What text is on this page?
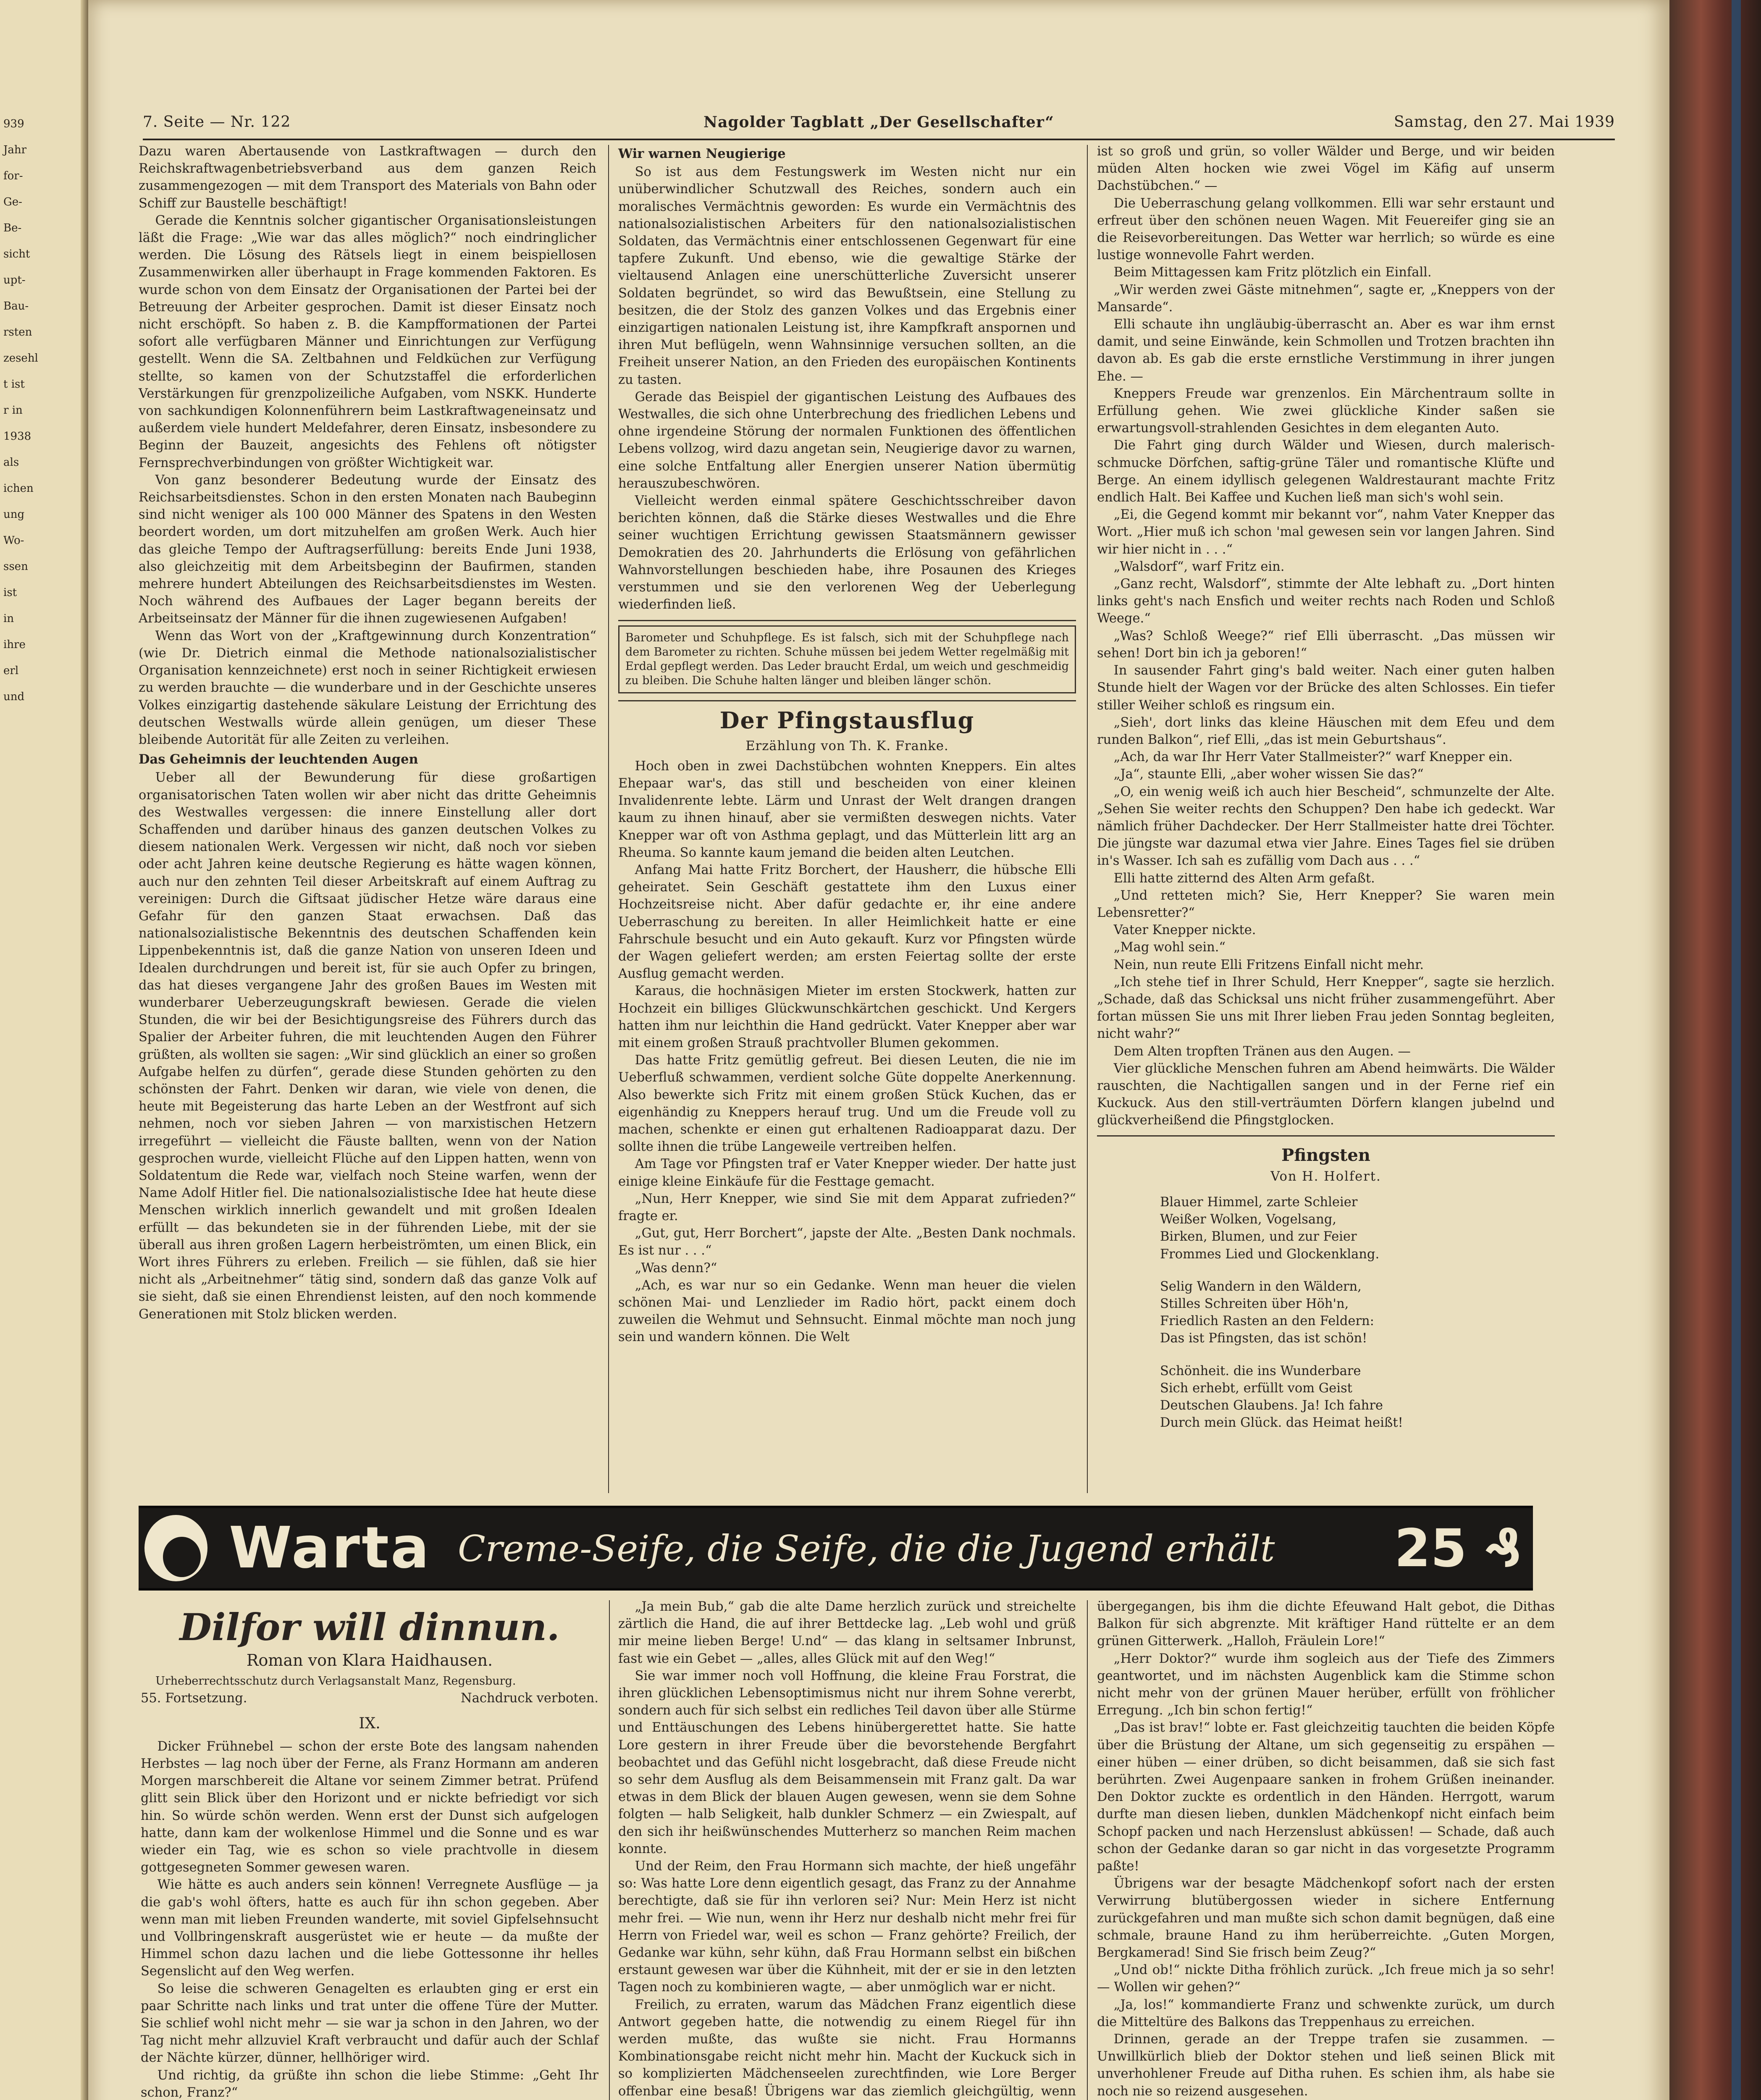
939
Jahr
for-
Ge-
Be-
sicht
upt-
Bau-
rsten
zesehl
t ist
r in
1938
als
ichen
ung
Wo-
ssen
ist
in
ihre
erl
und
7. Seite — Nr. 122	Nagolder Tagblatt „Der Gesellschafter“	Samstag, den 27. Mai 1939

Dazu waren Abertausende von Lastkraftwagen — durch den Reichskraftwagenbetriebsverband aus dem ganzen Reich zusammengezogen — mit dem Transport des Materials von Bahn oder Schiff zur Baustelle beschäftigt!

Gerade die Kenntnis solcher gigantischer Organisationsleistungen läßt die Frage: „Wie war das alles möglich?“ noch eindringlicher werden. Die Lösung des Rätsels liegt in einem beispiellosen Zusammenwirken aller überhaupt in Frage kommenden Faktoren. Es wurde schon von dem Einsatz der Organisationen der Partei bei der Betreuung der Arbeiter gesprochen. Damit ist dieser Einsatz noch nicht erschöpft. So haben z. B. die Kampfformationen der Partei sofort alle verfügbaren Männer und Einrichtungen zur Verfügung gestellt. Wenn die SA. Zeltbahnen und Feldküchen zur Verfügung stellte, so kamen von der Schutzstaffel die erforderlichen Verstärkungen für grenzpolizeiliche Aufgaben, vom NSKK. Hunderte von sachkundigen Kolonnenführern beim Lastkraftwageneinsatz und außerdem viele hundert Meldefahrer, deren Einsatz, insbesondere zu Beginn der Bauzeit, angesichts des Fehlens oft nötigster Fernsprechverbindungen von größter Wichtigkeit war.

Von ganz besonderer Bedeutung wurde der Einsatz des Reichsarbeitsdienstes. Schon in den ersten Monaten nach Baubeginn sind nicht weniger als 100 000 Männer des Spatens in den Westen beordert worden, um dort mitzuhelfen am großen Werk. Auch hier das gleiche Tempo der Auftragserfüllung: bereits Ende Juni 1938, also gleichzeitig mit dem Arbeitsbeginn der Baufirmen, standen mehrere hundert Abteilungen des Reichsarbeitsdienstes im Westen. Noch während des Aufbaues der Lager begann bereits der Arbeitseinsatz der Männer für die ihnen zugewiesenen Aufgaben!

Wenn das Wort von der „Kraftgewinnung durch Konzentration“ (wie Dr. Dietrich einmal die Methode nationalsozialistischer Organisation kennzeichnete) erst noch in seiner Richtigkeit erwiesen zu werden brauchte — die wunderbare und in der Geschichte unseres Volkes einzigartig dastehende säkulare Leistung der Errichtung des deutschen Westwalls würde allein genügen, um dieser These bleibende Autorität für alle Zeiten zu verleihen.

Das Geheimnis der leuchtenden Augen

Ueber all der Bewunderung für diese großartigen organisatorischen Taten wollen wir aber nicht das dritte Geheimnis des Westwalles vergessen: die innere Einstellung aller dort Schaffenden und darüber hinaus des ganzen deutschen Volkes zu diesem nationalen Werk. Vergessen wir nicht, daß noch vor sieben oder acht Jahren keine deutsche Regierung es hätte wagen können, auch nur den zehnten Teil dieser Arbeitskraft auf einem Auftrag zu vereinigen: Durch die Giftsaat jüdischer Hetze wäre daraus eine Gefahr für den ganzen Staat erwachsen. Daß das nationalsozialistische Bekenntnis des deutschen Schaffenden kein Lippenbekenntnis ist, daß die ganze Nation von unseren Ideen und Idealen durchdrungen und bereit ist, für sie auch Opfer zu bringen, das hat dieses vergangene Jahr des großen Baues im Westen mit wunderbarer Ueberzeugungskraft bewiesen. Gerade die vielen Stunden, die wir bei der Besichtigungsreise des Führers durch das Spalier der Arbeiter fuhren, die mit leuchtenden Augen den Führer grüßten, als wollten sie sagen: „Wir sind glücklich an einer so großen Aufgabe helfen zu dürfen“, gerade diese Stunden gehörten zu den schönsten der Fahrt. Denken wir daran, wie viele von denen, die heute mit Begeisterung das harte Leben an der Westfront auf sich nehmen, noch vor sieben Jahren — von marxistischen Hetzern irregeführt — vielleicht die Fäuste ballten, wenn von der Nation gesprochen wurde, vielleicht Flüche auf den Lippen hatten, wenn von Soldatentum die Rede war, vielfach noch Steine warfen, wenn der Name Adolf Hitler fiel. Die nationalsozialistische Idee hat heute diese Menschen wirklich innerlich gewandelt und mit großen Idealen erfüllt — das bekundeten sie in der führenden Liebe, mit der sie überall aus ihren großen Lagern herbeiströmten, um einen Blick, ein Wort ihres Führers zu erleben. Freilich — sie fühlen, daß sie hier nicht als „Arbeitnehmer“ tätig sind, sondern daß das ganze Volk auf sie sieht, daß sie einen Ehrendienst leisten, auf den noch kommende Generationen mit Stolz blicken werden.

Wir warnen Neugierige

So ist aus dem Festungswerk im Westen nicht nur ein unüberwindlicher Schutzwall des Reiches, sondern auch ein moralisches Vermächtnis geworden: Es wurde ein Vermächtnis des nationalsozialistischen Arbeiters für den nationalsozialistischen Soldaten, das Vermächtnis einer entschlossenen Gegenwart für eine tapfere Zukunft. Und ebenso, wie die gewaltige Stärke der vieltausend Anlagen eine unerschütterliche Zuversicht unserer Soldaten begründet, so wird das Bewußtsein, eine Stellung zu besitzen, die der Stolz des ganzen Volkes und das Ergebnis einer einzigartigen nationalen Leistung ist, ihre Kampfkraft anspornen und ihren Mut beflügeln, wenn Wahnsinnige versuchen sollten, an die Freiheit unserer Nation, an den Frieden des europäischen Kontinents zu tasten.

Gerade das Beispiel der gigantischen Leistung des Aufbaues des Westwalles, die sich ohne Unterbrechung des friedlichen Lebens und ohne irgendeine Störung der normalen Funktionen des öffentlichen Lebens vollzog, wird dazu angetan sein, Neugierige davor zu warnen, eine solche Entfaltung aller Energien unserer Nation übermütig herauszubeschwören.

Vielleicht werden einmal spätere Geschichtsschreiber davon berichten können, daß die Stärke dieses Westwalles und die Ehre seiner wuchtigen Errichtung gewissen Staatsmännern gewisser Demokratien des 20. Jahrhunderts die Erlösung von gefährlichen Wahnvorstellungen beschieden habe, ihre Posaunen des Krieges verstummen und sie den verlorenen Weg der Ueberlegung wiederfinden ließ.

Barometer und Schuhpflege. Es ist falsch, sich mit der Schuhpflege nach dem Barometer zu richten. Schuhe müssen bei jedem Wetter regelmäßig mit Erdal gepflegt werden. Das Leder braucht Erdal, um weich und geschmeidig zu bleiben. Die Schuhe halten länger und bleiben länger schön.

Der Pfingstausflug
Erzählung von Th. K. Franke.

Hoch oben in zwei Dachstübchen wohnten Kneppers. Ein altes Ehepaar war's, das still und bescheiden von einer kleinen Invalidenrente lebte. Lärm und Unrast der Welt drangen drangen kaum zu ihnen hinauf, aber sie vermißten deswegen nichts. Vater Knepper war oft von Asthma geplagt, und das Mütterlein litt arg an Rheuma. So kannte kaum jemand die beiden alten Leutchen.

Anfang Mai hatte Fritz Borchert, der Hausherr, die hübsche Elli geheiratet. Sein Geschäft gestattete ihm den Luxus einer Hochzeitsreise nicht. Aber dafür gedachte er, ihr eine andere Ueberraschung zu bereiten. In aller Heimlichkeit hatte er eine Fahrschule besucht und ein Auto gekauft. Kurz vor Pfingsten würde der Wagen geliefert werden; am ersten Feiertag sollte der erste Ausflug gemacht werden.

Karaus, die hochnäsigen Mieter im ersten Stockwerk, hatten zur Hochzeit ein billiges Glückwunschkärtchen geschickt. Und Kergers hatten ihm nur leichthin die Hand gedrückt. Vater Knepper aber war mit einem großen Strauß prachtvoller Blumen gekommen.

Das hatte Fritz gemütlig gefreut. Bei diesen Leuten, die nie im Ueberfluß schwammen, verdient solche Güte doppelte Anerkennung. Also bewerkte sich Fritz mit einem großen Stück Kuchen, das er eigenhändig zu Kneppers herauf trug. Und um die Freude voll zu machen, schenkte er einen gut erhaltenen Radioapparat dazu. Der sollte ihnen die trübe Langeweile vertreiben helfen.

Am Tage vor Pfingsten traf er Vater Knepper wieder. Der hatte just einige kleine Einkäufe für die Festtage gemacht.

„Nun, Herr Knepper, wie sind Sie mit dem Apparat zufrieden?“ fragte er.

„Gut, gut, Herr Borchert“, japste der Alte. „Besten Dank nochmals. Es ist nur . . .“

„Was denn?“

„Ach, es war nur so ein Gedanke. Wenn man heuer die vielen schönen Mai- und Lenzlieder im Radio hört, packt einem doch zuweilen die Wehmut und Sehnsucht. Einmal möchte man noch jung sein und wandern können. Die Welt

ist so groß und grün, so voller Wälder und Berge, und wir beiden müden Alten hocken wie zwei Vögel im Käfig auf unserm Dachstübchen.“ —

Die Ueberraschung gelang vollkommen. Elli war sehr erstaunt und erfreut über den schönen neuen Wagen. Mit Feuereifer ging sie an die Reisevorbereitungen. Das Wetter war herrlich; so würde es eine lustige wonnevolle Fahrt werden.

Beim Mittagessen kam Fritz plötzlich ein Einfall.

„Wir werden zwei Gäste mitnehmen“, sagte er, „Kneppers von der Mansarde“.

Elli schaute ihn ungläubig-überrascht an. Aber es war ihm ernst damit, und seine Einwände, kein Schmollen und Trotzen brachten ihn davon ab. Es gab die erste ernstliche Verstimmung in ihrer jungen Ehe. —

Kneppers Freude war grenzenlos. Ein Märchentraum sollte in Erfüllung gehen. Wie zwei glückliche Kinder saßen sie erwartungsvoll-strahlenden Gesichtes in dem eleganten Auto.

Die Fahrt ging durch Wälder und Wiesen, durch malerisch-schmucke Dörfchen, saftig-grüne Täler und romantische Klüfte und Berge. An einem idyllisch gelegenen Waldrestaurant machte Fritz endlich Halt. Bei Kaffee und Kuchen ließ man sich's wohl sein.

„Ei, die Gegend kommt mir bekannt vor“, nahm Vater Knepper das Wort. „Hier muß ich schon 'mal gewesen sein vor langen Jahren. Sind wir hier nicht in . . .“

„Walsdorf“, warf Fritz ein.

„Ganz recht, Walsdorf“, stimmte der Alte lebhaft zu. „Dort hinten links geht's nach Ensfich und weiter rechts nach Roden und Schloß Weege.“

„Was? Schloß Weege?“ rief Elli überrascht. „Das müssen wir sehen! Dort bin ich ja geboren!“

In sausender Fahrt ging's bald weiter. Nach einer guten halben Stunde hielt der Wagen vor der Brücke des alten Schlosses. Ein tiefer stiller Weiher schloß es ringsum ein.

„Sieh', dort links das kleine Häuschen mit dem Efeu und dem runden Balkon“, rief Elli, „das ist mein Geburtshaus“.

„Ach, da war Ihr Herr Vater Stallmeister?“ warf Knepper ein.

„Ja“, staunte Elli, „aber woher wissen Sie das?“

„O, ein wenig weiß ich auch hier Bescheid“, schmunzelte der Alte. „Sehen Sie weiter rechts den Schuppen? Den habe ich gedeckt. War nämlich früher Dachdecker. Der Herr Stallmeister hatte drei Töchter. Die jüngste war dazumal etwa vier Jahre. Eines Tages fiel sie drüben in's Wasser. Ich sah es zufällig vom Dach aus . . .“

Elli hatte zitternd des Alten Arm gefaßt.

„Und retteten mich? Sie, Herr Knepper? Sie waren mein Lebensretter?“

Vater Knepper nickte.

„Mag wohl sein.“

Nein, nun reute Elli Fritzens Einfall nicht mehr.

„Ich stehe tief in Ihrer Schuld, Herr Knepper“, sagte sie herzlich. „Schade, daß das Schicksal uns nicht früher zusammengeführt. Aber fortan müssen Sie uns mit Ihrer lieben Frau jeden Sonntag begleiten, nicht wahr?“

Dem Alten tropften Tränen aus den Augen. —

Vier glückliche Menschen fuhren am Abend heimwärts. Die Wälder rauschten, die Nachtigallen sangen und in der Ferne rief ein Kuckuck. Aus den still-verträumten Dörfern klangen jubelnd und glückverheißend die Pfingstglocken.

Pfingsten
Von H. Holfert.
Blauer Himmel, zarte Schleier
Weißer Wolken, Vogelsang,
Birken, Blumen, und zur Feier
Frommes Lied und Glockenklang.
Selig Wandern in den Wäldern,
Stilles Schreiten über Höh'n,
Friedlich Rasten an den Feldern:
Das ist Pfingsten, das ist schön!
Schönheit. die ins Wunderbare
Sich erhebt, erfüllt vom Geist
Deutschen Glaubens. Ja! Ich fahre
Durch mein Glück. das Heimat heißt!
Dilfor will dinnun.
Roman von Klara Haidhausen.

Urheberrechtsschutz durch Verlagsanstalt Manz, Regensburg.

55. Fortsetzung.	Nachdruck verboten.
IX.

Dicker Frühnebel — schon der erste Bote des langsam nahenden Herbstes — lag noch über der Ferne, als Franz Hormann am anderen Morgen marschbereit die Altane vor seinem Zimmer betrat. Prüfend glitt sein Blick über den Horizont und er nickte befriedigt vor sich hin. So würde schön werden. Wenn erst der Dunst sich aufgelogen hatte, dann kam der wolkenlose Himmel und die Sonne und es war wieder ein Tag, wie es schon so viele prachtvolle in diesem gottgesegneten Sommer gewesen waren.

Wie hätte es auch anders sein können! Verregnete Ausflüge — ja die gab's wohl öfters, hatte es auch für ihn schon gegeben. Aber wenn man mit lieben Freunden wanderte, mit soviel Gipfelsehnsucht und Vollbringenskraft ausgerüstet wie er heute — da mußte der Himmel schon dazu lachen und die liebe Gottessonne ihr helles Segenslicht auf den Weg werfen.

So leise die schweren Genagelten es erlaubten ging er erst ein paar Schritte nach links und trat unter die offene Türe der Mutter. Sie schlief wohl nicht mehr — sie war ja schon in den Jahren, wo der Tag nicht mehr allzuviel Kraft verbraucht und dafür auch der Schlaf der Nächte kürzer, dünner, hellhöriger wird.

Und richtig, da grüßte ihn schon die liebe Stimme: „Geht Ihr schon, Franz?“

„Ja mein Bub,“ gab die alte Dame herzlich zurück und streichelte zärtlich die Hand, die auf ihrer Bettdecke lag. „Leb wohl und grüß mir meine lieben Berge! U.nd“ — das klang in seltsamer Inbrunst, fast wie ein Gebet — „alles, alles Glück mit auf den Weg!“

Sie war immer noch voll Hoffnung, die kleine Frau Forstrat, die ihren glücklichen Lebensoptimismus nicht nur ihrem Sohne vererbt, sondern auch für sich selbst ein redliches Teil davon über alle Stürme und Enttäuschungen des Lebens hinübergerettet hatte. Sie hatte Lore gestern in ihrer Freude über die bevorstehende Bergfahrt beobachtet und das Gefühl nicht losgebracht, daß diese Freude nicht so sehr dem Ausflug als dem Beisammensein mit Franz galt. Da war etwas in dem Blick der blauen Augen gewesen, wenn sie dem Sohne folgten — halb Seligkeit, halb dunkler Schmerz — ein Zwiespalt, auf den sich ihr heißwünschendes Mutterherz so manchen Reim machen konnte.

Und der Reim, den Frau Hormann sich machte, der hieß ungefähr so: Was hatte Lore denn eigentlich gesagt, das Franz zu der Annahme berechtigte, daß sie für ihn verloren sei? Nur: Mein Herz ist nicht mehr frei. — Wie nun, wenn ihr Herz nur deshalb nicht mehr frei für Herrn von Friedel war, weil es schon — Franz gehörte? Freilich, der Gedanke war kühn, sehr kühn, daß Frau Hormann selbst ein bißchen erstaunt gewesen war über die Kühnheit, mit der er sie in den letzten Tagen noch zu kombinieren wagte, — aber unmöglich war er nicht.

Freilich, zu erraten, warum das Mädchen Franz eigentlich diese Antwort gegeben hatte, die notwendig zu einem Riegel für ihn werden mußte, das wußte sie nicht. Frau Hormanns Kombinationsgabe reicht nicht mehr hin. Macht der Kuckuck sich in so komplizierten Mädchenseelen zurechtfinden, wie Lore Berger offenbar eine besaß! Übrigens war das ziemlich gleichgültig, wenn

übergegangen, bis ihm die dichte Efeuwand Halt gebot, die Dithas Balkon für sich abgrenzte. Mit kräftiger Hand rüttelte er an dem grünen Gitterwerk. „Halloh, Fräulein Lore!“

„Herr Doktor?“ wurde ihm sogleich aus der Tiefe des Zimmers geantwortet, und im nächsten Augenblick kam die Stimme schon nicht mehr von der grünen Mauer herüber, erfüllt von fröhlicher Erregung. „Ich bin schon fertig!“

„Das ist brav!“ lobte er. Fast gleichzeitig tauchten die beiden Köpfe über die Brüstung der Altane, um sich gegenseitig zu erspähen — einer hüben — einer drüben, so dicht beisammen, daß sie sich fast berührten. Zwei Augenpaare sanken in frohem Grüßen ineinander. Den Doktor zuckte es ordentlich in den Händen. Herrgott, warum durfte man diesen lieben, dunklen Mädchenkopf nicht einfach beim Schopf packen und nach Herzenslust abküssen! — Schade, daß auch schon der Gedanke daran so gar nicht in das vorgesetzte Programm paßte!

Übrigens war der besagte Mädchenkopf sofort nach der ersten Verwirrung blutübergossen wieder in sichere Entfernung zurückgefahren und man mußte sich schon damit begnügen, daß eine schmale, braune Hand zu ihm herüberreichte. „Guten Morgen, Bergkamerad! Sind Sie frisch beim Zeug?“

„Und ob!“ nickte Ditha fröhlich zurück. „Ich freue mich ja so sehr! — Wollen wir gehen?“

„Ja, los!“ kommandierte Franz und schwenkte zurück, um durch die Mitteltüre des Balkons das Treppenhaus zu erreichen.

Drinnen, gerade an der Treppe trafen sie zusammen. — Unwillkürlich blieb der Doktor stehen und ließ seinen Blick mit unverhohlener Freude auf Ditha ruhen. Es schien ihm, als habe sie noch nie so reizend ausgesehen.

Warta Creme-Seife, die Seife, die die Jugend erhält 25 ₰
